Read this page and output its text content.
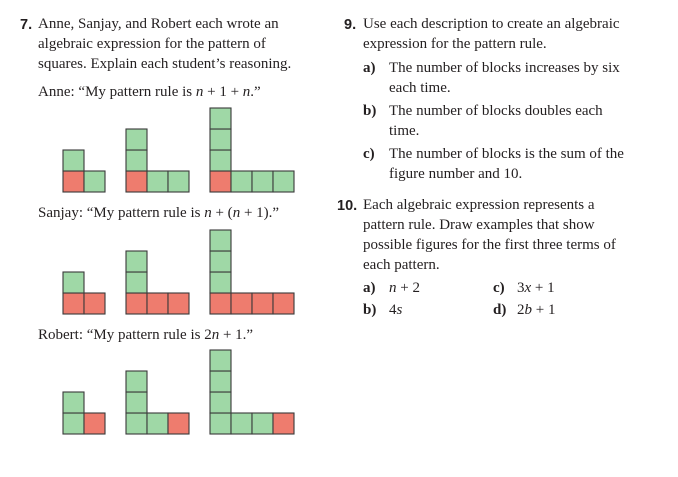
7. Anne, Sanjay, and Robert each wrote an
algebraic expression for the pattern of
squares. Explain each student’s reasoning.
Anne: “My pattern rule is n + 1 + n.”
Sanjay: “My pattern rule is n + (n + 1).”
Robert: “My pattern rule is 2n + 1.”
9. Use each description to create an algebraic
expression for the pattern rule.
a) The number of blocks increases by six
each time.
b) The number of blocks doubles each
time.
c) The number of blocks is the sum of the
figure number and 10.
10. Each algebraic expression represents a
pattern rule. Draw examples that show
possible figures for the first three terms of
each pattern.
a) n + 2	c) 3x + 1
b) 4s	d) 2b + 1
